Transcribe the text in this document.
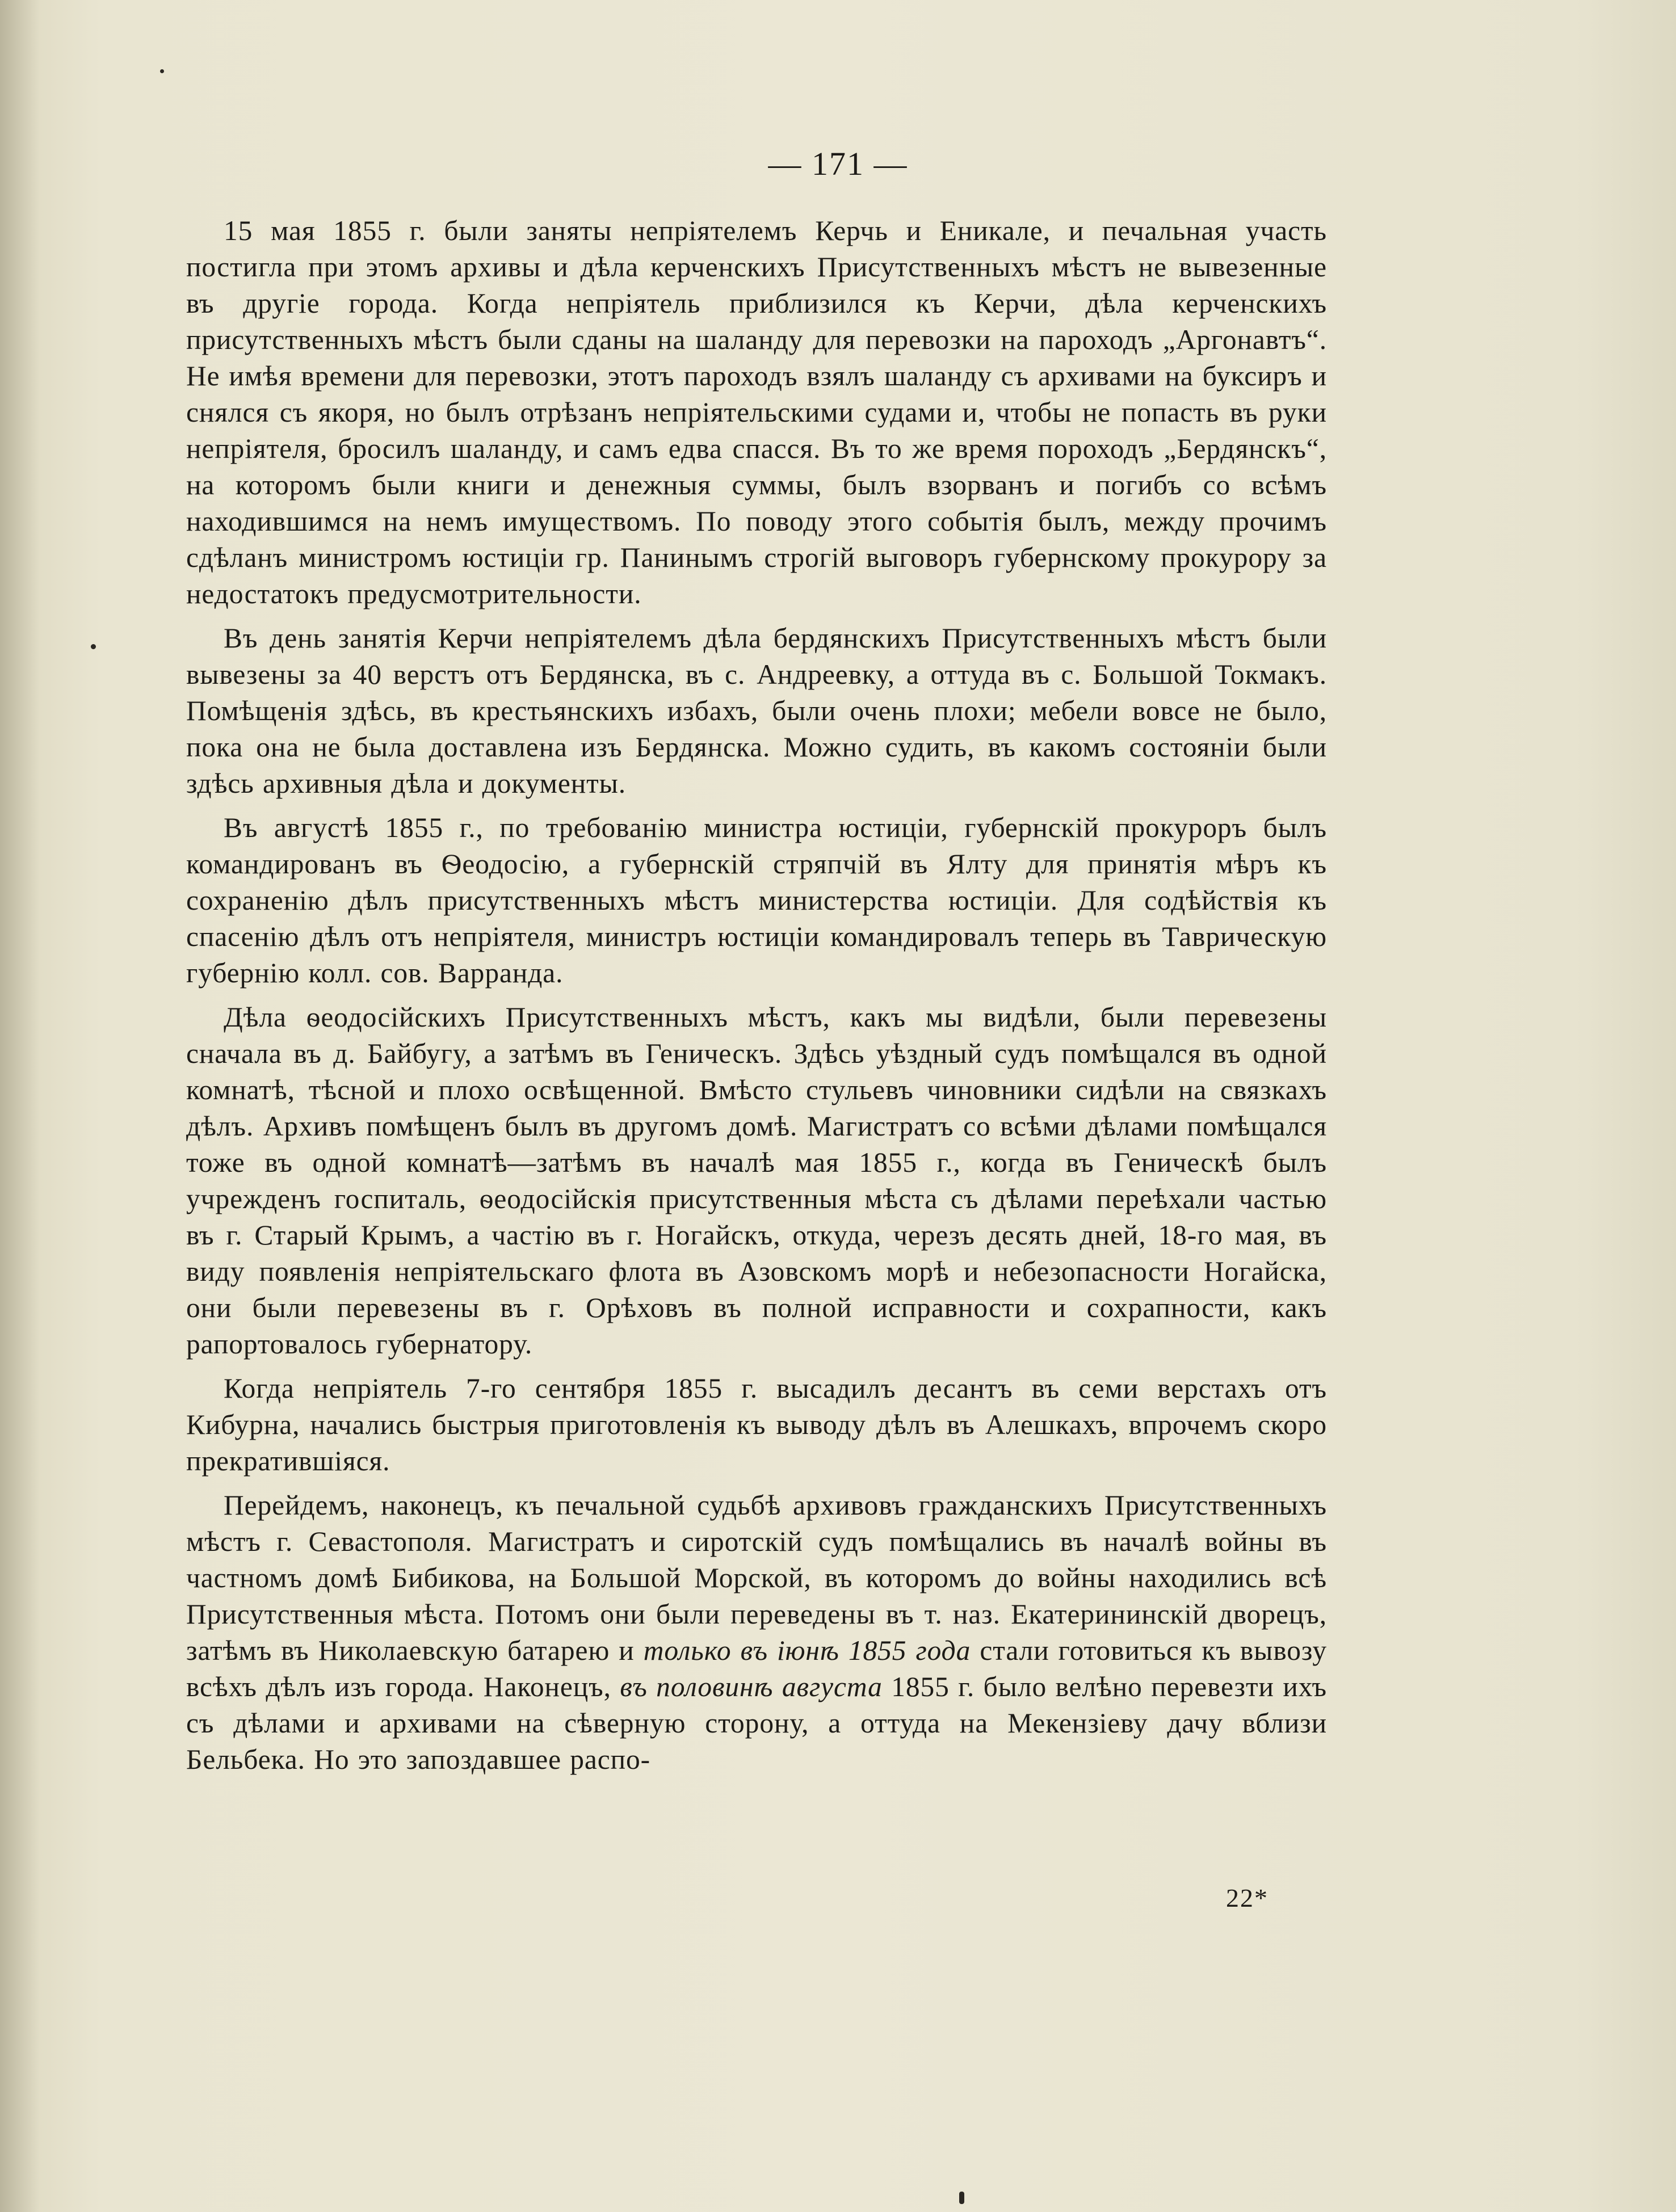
— 171 —

15 мая 1855 г. были заняты непріятелемъ Керчь и Еникале, и печальная участь постигла при этомъ архивы и дѣла керченскихъ Присутственныхъ мѣстъ не вывезенные въ другіе города. Когда непріятель приблизился къ Керчи, дѣла керченскихъ присутственныхъ мѣстъ были сданы на шаланду для перевозки на пароходъ „Аргонавтъ“. Не имѣя времени для перевозки, этотъ пароходъ взялъ шаланду съ архивами на буксиръ и снялся съ якоря, но былъ отрѣзанъ непріятельскими судами и, чтобы не попасть въ руки непріятеля, бросилъ шаланду, и самъ едва спасся. Въ то же время пороходъ „Бердянскъ“, на которомъ были книги и денежныя суммы, былъ взорванъ и погибъ со всѣмъ находившимся на немъ имуществомъ. По поводу этого событія былъ, между прочимъ сдѣланъ министромъ юстиціи гр. Панинымъ строгій выговоръ губернскому прокурору за недостатокъ предусмотрительности.

Въ день занятія Керчи непріятелемъ дѣла бердянскихъ Присутственныхъ мѣстъ были вывезены за 40 верстъ отъ Бердянска, въ с. Андреевку, а оттуда въ с. Большой Токмакъ. Помѣщенія здѣсь, въ крестьянскихъ избахъ, были очень плохи; мебели вовсе не было, пока она не была доставлена изъ Бердянска. Можно судить, въ какомъ состояніи были здѣсь архивныя дѣла и документы.

Въ августѣ 1855 г., по требованію министра юстиціи, губернскій прокуроръ былъ командированъ въ Ѳеодосію, а губернскій стряпчій въ Ялту для принятія мѣръ къ сохраненію дѣлъ присутственныхъ мѣстъ министерства юстиціи. Для содѣйствія къ спасенію дѣлъ отъ непріятеля, министръ юстиціи командировалъ теперь въ Таврическую губернію колл. сов. Варранда.

Дѣла ѳеодосійскихъ Присутственныхъ мѣстъ, какъ мы видѣли, были перевезены сначала въ д. Байбугу, а затѣмъ въ Геническъ. Здѣсь уѣздный судъ помѣщался въ одной комнатѣ, тѣсной и плохо освѣщенной. Вмѣсто стульевъ чиновники сидѣли на связкахъ дѣлъ. Архивъ помѣщенъ былъ въ другомъ домѣ. Магистратъ со всѣми дѣлами помѣщался тоже въ одной комнатѣ—затѣмъ въ началѣ мая 1855 г., когда въ Геническѣ былъ учрежденъ госпиталь, ѳеодосійскія присутственныя мѣста съ дѣлами переѣхали частью въ г. Старый Крымъ, а частію въ г. Ногайскъ, откуда, черезъ десять дней, 18-го мая, въ виду появленія непріятельскаго флота въ Азовскомъ морѣ и небезопасности Ногайска, они были перевезены въ г. Орѣховъ въ полной исправности и сохрапности, какъ рапортовалось губернатору.

Когда непріятель 7-го сентября 1855 г. высадилъ десантъ въ семи верстахъ отъ Кибурна, начались быстрыя приготовленія къ выводу дѣлъ въ Алешкахъ, впрочемъ скоро прекратившіяся.

Перейдемъ, наконецъ, къ печальной судьбѣ архивовъ гражданскихъ Присутственныхъ мѣстъ г. Севастополя. Магистратъ и сиротскій судъ помѣщались въ началѣ войны въ частномъ домѣ Бибикова, на Большой Морской, въ которомъ до войны находились всѣ Присутственныя мѣста. Потомъ они были переведены въ т. наз. Екатерининскій дворецъ, затѣмъ въ Николаевскую батарею и только въ іюнѣ 1855 года стали готовиться къ вывозу всѣхъ дѣлъ изъ города. Наконецъ, въ половинѣ августа 1855 г. было велѣно перевезти ихъ съ дѣлами и архивами на сѣверную сторону, а оттуда на Мекензіеву дачу вблизи Бельбека. Но это запоздавшее распо-

22*
